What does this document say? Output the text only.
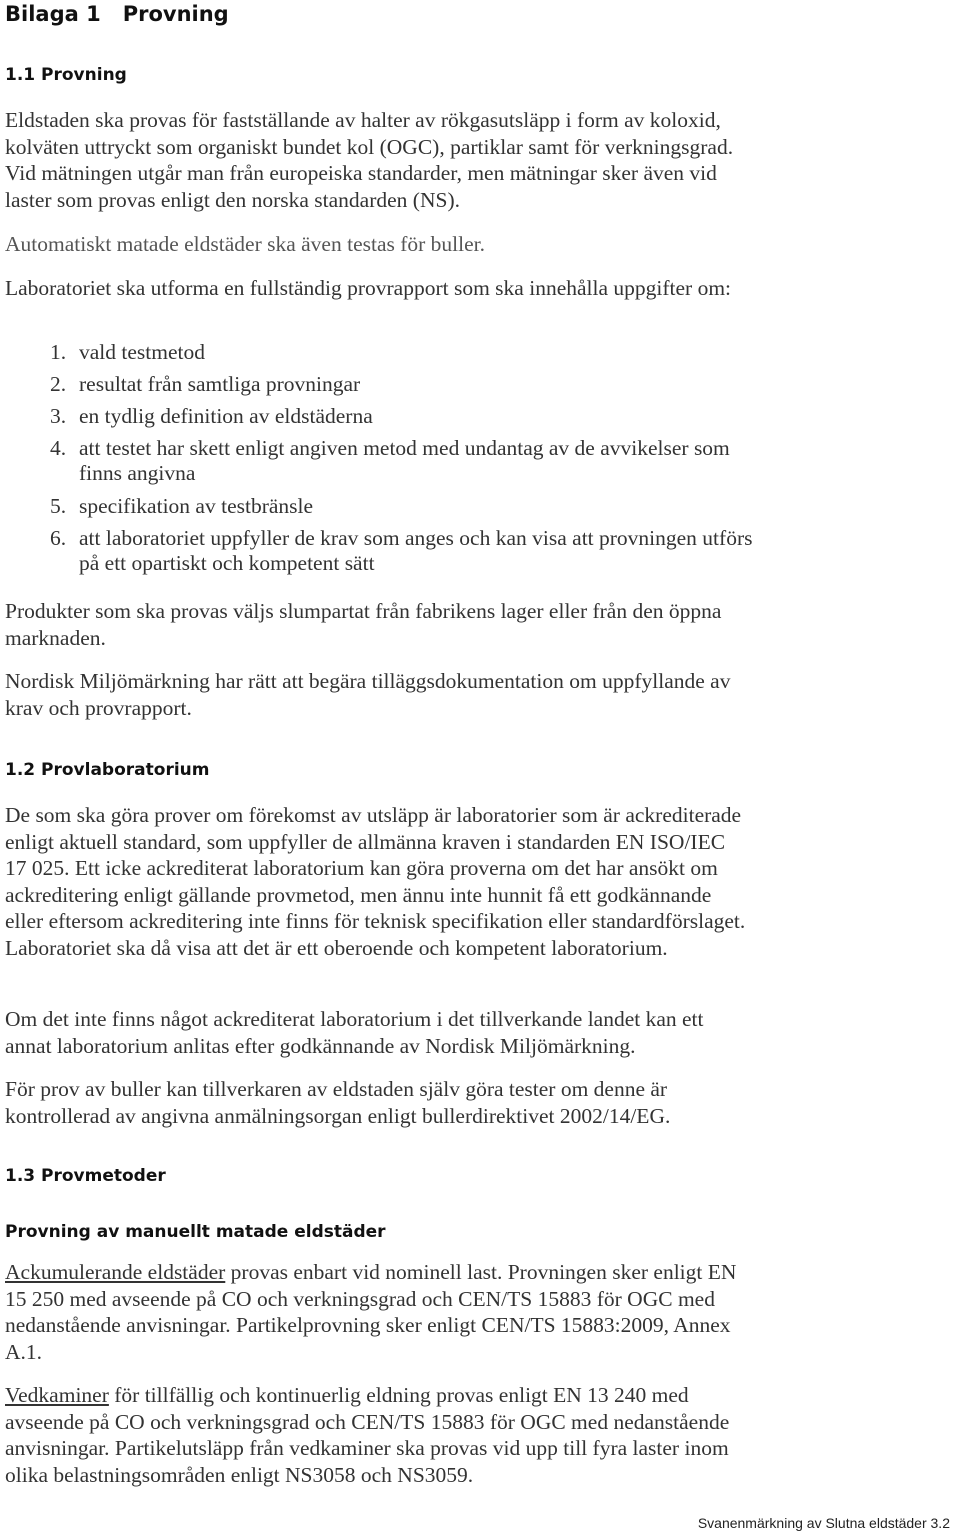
Bilaga 1 Provning
1.1 Provning
Eldstaden ska provas för fastställande av halter av rökgasutsläpp i form av koloxid, kolväten uttryckt som organiskt bundet kol (OGC), partiklar samt för verkningsgrad. Vid mätningen utgår man från europeiska standarder, men mätningar sker även vid laster som provas enligt den norska standarden (NS).
Automatiskt matade eldstäder ska även testas för buller.
Laboratoriet ska utforma en fullständig provrapport som ska innehålla uppgifter om:
1. vald testmetod
2. resultat från samtliga provningar
3. en tydlig definition av eldstäderna
4. att testet har skett enligt angiven metod med undantag av de avvikelser som finns angivna
5. specifikation av testbränsle
6. att laboratoriet uppfyller de krav som anges och kan visa att provningen utförs på ett opartiskt och kompetent sätt
Produkter som ska provas väljs slumpartat från fabrikens lager eller från den öppna marknaden.
Nordisk Miljömärkning har rätt att begära tilläggsdokumentation om uppfyllande av krav och provrapport.
1.2 Provlaboratorium
De som ska göra prover om förekomst av utsläpp är laboratorier som är ackrediterade enligt aktuell standard, som uppfyller de allmänna kraven i standarden EN ISO/IEC 17 025. Ett icke ackrediterat laboratorium kan göra proverna om det har ansökt om ackreditering enligt gällande provmetod, men ännu inte hunnit få ett godkännande eller eftersom ackreditering inte finns för teknisk specifikation eller standardförslaget. Laboratoriet ska då visa att det är ett oberoende och kompetent laboratorium.
Om det inte finns något ackrediterat laboratorium i det tillverkande landet kan ett annat laboratorium anlitas efter godkännande av Nordisk Miljömärkning.
För prov av buller kan tillverkaren av eldstaden själv göra tester om denne är kontrollerad av angivna anmälningsorgan enligt bullerdirektivet 2002/14/EG.
1.3 Provmetoder
Provning av manuellt matade eldstäder
Ackumulerande eldstäder provas enbart vid nominell last. Provningen sker enligt EN 15 250 med avseende på CO och verkningsgrad och CEN/TS 15883 för OGC med nedanstående anvisningar. Partikelprovning sker enligt CEN/TS 15883:2009, Annex A.1.
Vedkaminer för tillfällig och kontinuerlig eldning provas enligt EN 13 240 med avseende på CO och verkningsgrad och CEN/TS 15883 för OGC med nedanstående anvisningar. Partikelutsläpp från vedkaminer ska provas vid upp till fyra laster inom olika belastningsområden enligt NS3058 och NS3059.
Svanenmärkning av Slutna eldstäder 3.2
